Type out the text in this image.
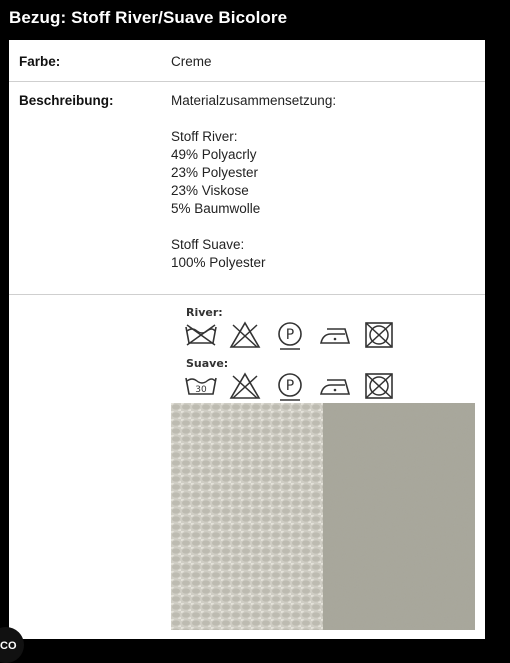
Bezug: Stoff River/Suave Bicolore
Farbe:	Creme
Beschreibung:	Materialzusammensetzung:
Stoff River:
49% Polyacrly
23% Polyester
23% Viskose
5% Baumwolle
Stoff Suave:
100% Polyester
River:
P
Suave:
30	P
CO
